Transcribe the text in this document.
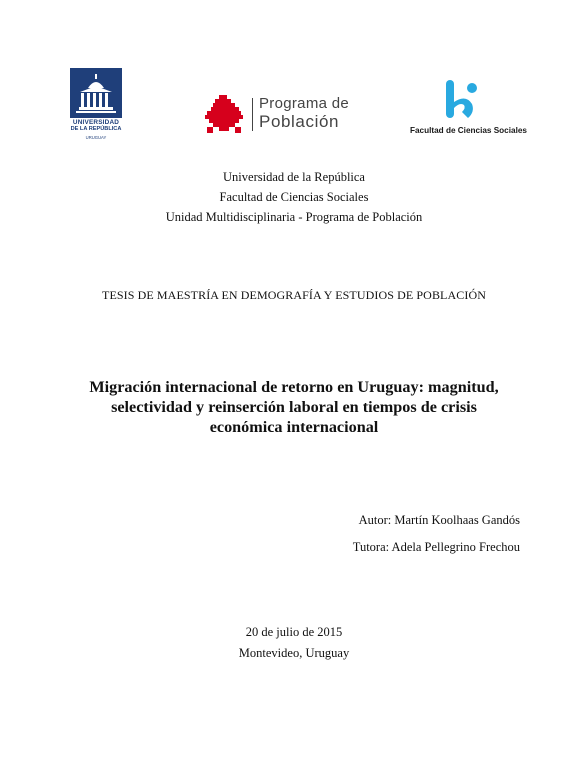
UNIVERSIDAD
DE LA REPÚBLICA
URUGUAY
Programa de
Población	Facultad de Ciencias Sociales
Universidad de la República
Facultad de Ciencias Sociales
Unidad Multidisciplinaria - Programa de Población
TESIS DE MAESTRÍA EN DEMOGRAFÍA Y ESTUDIOS DE POBLACIÓN
Migración internacional de retorno en Uruguay: magnitud,
selectividad y reinserción laboral en tiempos de crisis
económica internacional
Autor: Martín Koolhaas Gandós
Tutora: Adela Pellegrino Frechou
20 de julio de 2015
Montevideo, Uruguay
